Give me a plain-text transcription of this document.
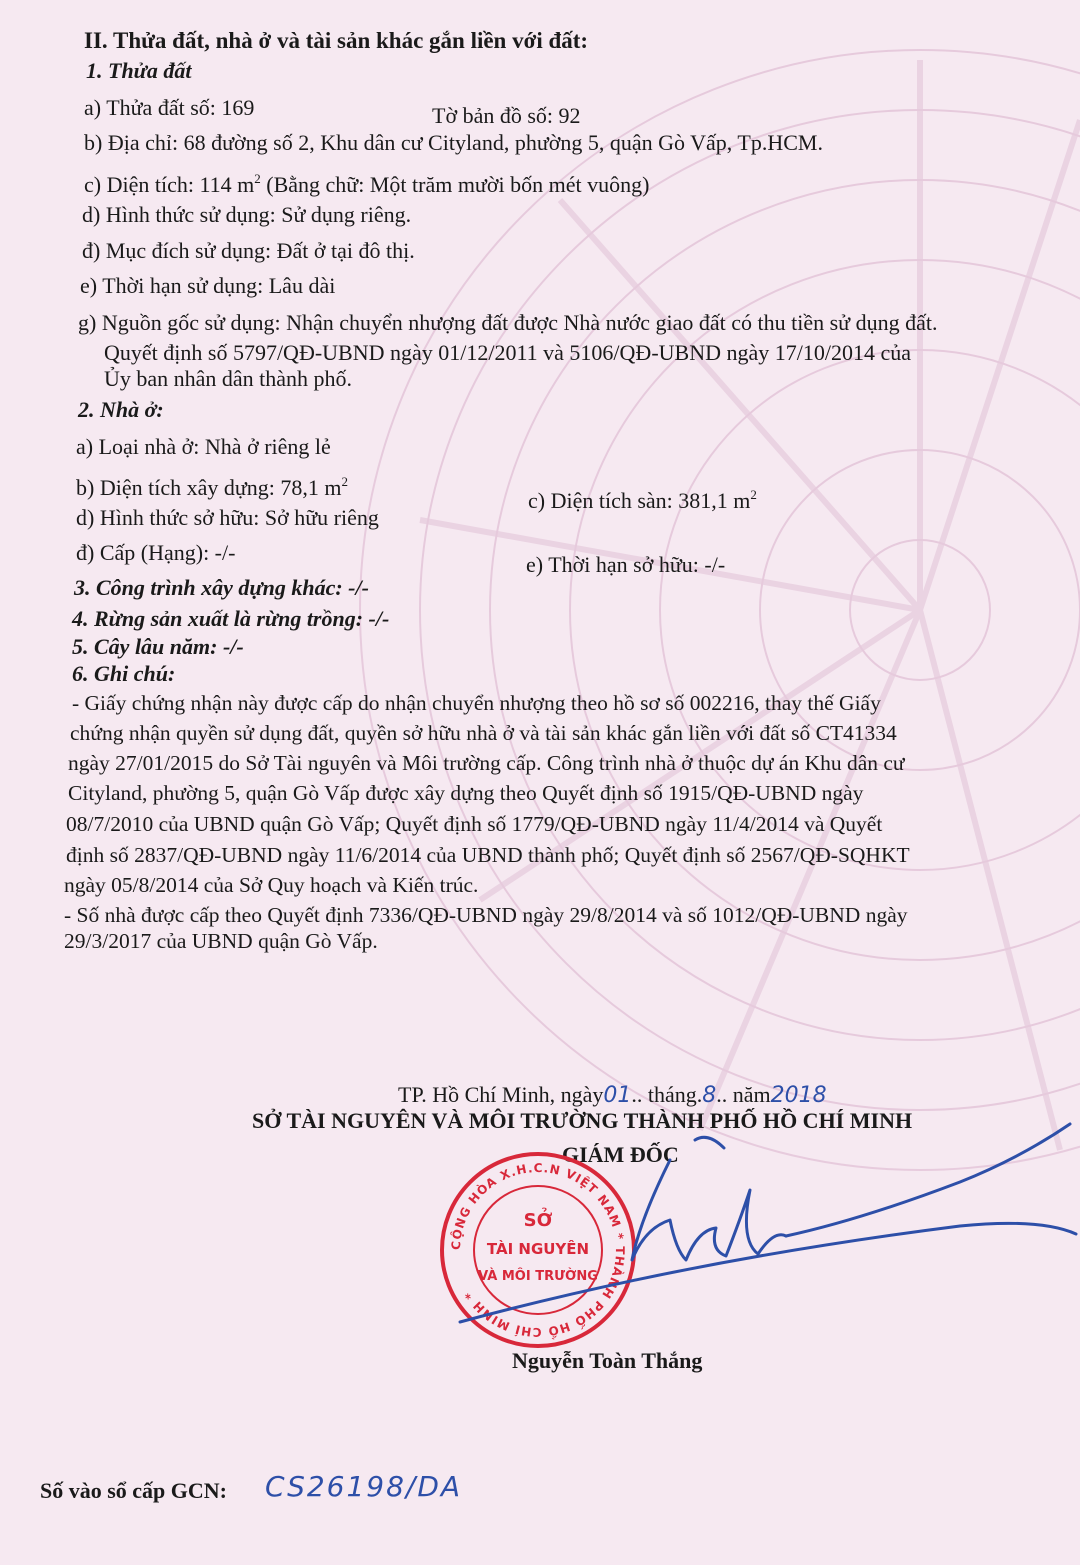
II. Thửa đất, nhà ở và tài sản khác gắn liền với đất:

1. Thửa đất

a) Thửa đất số: 169	Tờ bản đồ số: 92

b) Địa chỉ: 68 đường số 2, Khu dân cư Cityland, phường 5, quận Gò Vấp, Tp.HCM.

c) Diện tích: 114 $m^2$ (Bằng chữ: Một trăm mười bốn mét vuông)

d) Hình thức sử dụng: Sử dụng riêng.

đ) Mục đích sử dụng: Đất ở tại đô thị.

e) Thời hạn sử dụng: Lâu dài

g) Nguồn gốc sử dụng: Nhận chuyển nhượng đất được Nhà nước giao đất có thu tiền sử dụng đất.

Quyết định số 5797/QĐ-UBND ngày 01/12/2011 và 5106/QĐ-UBND ngày 17/10/2014 của

Ủy ban nhân dân thành phố.

2. Nhà ở:

a) Loại nhà ở: Nhà ở riêng lẻ

b) Diện tích xây dựng: 78,1 $m^2$

c) Diện tích sàn: 381,1 $m^2$

d) Hình thức sở hữu: Sở hữu riêng

đ) Cấp (Hạng): -/-	e) Thời hạn sở hữu: -/-

3. Công trình xây dựng khác: -/-

4. Rừng sản xuất là rừng trồng: -/-

5. Cây lâu năm: -/-

6. Ghi chú:

- Giấy chứng nhận này được cấp do nhận chuyển nhượng theo hồ sơ số 002216, thay thế Giấy

chứng nhận quyền sử dụng đất, quyền sở hữu nhà ở và tài sản khác gắn liền với đất số CT41334

ngày 27/01/2015 do Sở Tài nguyên và Môi trường cấp. Công trình nhà ở thuộc dự án Khu dân cư

Cityland, phường 5, quận Gò Vấp được xây dựng theo Quyết định số 1915/QĐ-UBND ngày

08/7/2010 của UBND quận Gò Vấp; Quyết định số 1779/QĐ-UBND ngày 11/4/2014 và Quyết

định số 2837/QĐ-UBND ngày 11/6/2014 của UBND thành phố; Quyết định số 2567/QĐ-SQHKT

ngày 05/8/2014 của Sở Quy hoạch và Kiến trúc.

- Số nhà được cấp theo Quyết định 7336/QĐ-UBND ngày 29/8/2014 và số 1012/QĐ-UBND ngày

29/3/2017 của UBND quận Gò Vấp.

TP. Hồ Chí Minh, ngày01.. tháng.8.. năm2018

SỞ TÀI NGUYÊN VÀ MÔI TRƯỜNG THÀNH PHỐ HỒ CHÍ MINH

GIÁM ĐỐC

CỘNG HÒA X.H.C.N VIỆT NAM * THÀNH PHỐ HỒ CHÍ MINH *
SỞ
TÀI NGUYÊN
VÀ MÔI TRƯỜNG

Nguyễn Toàn Thắng

Số vào sổ cấp GCN: CS26198/DA
